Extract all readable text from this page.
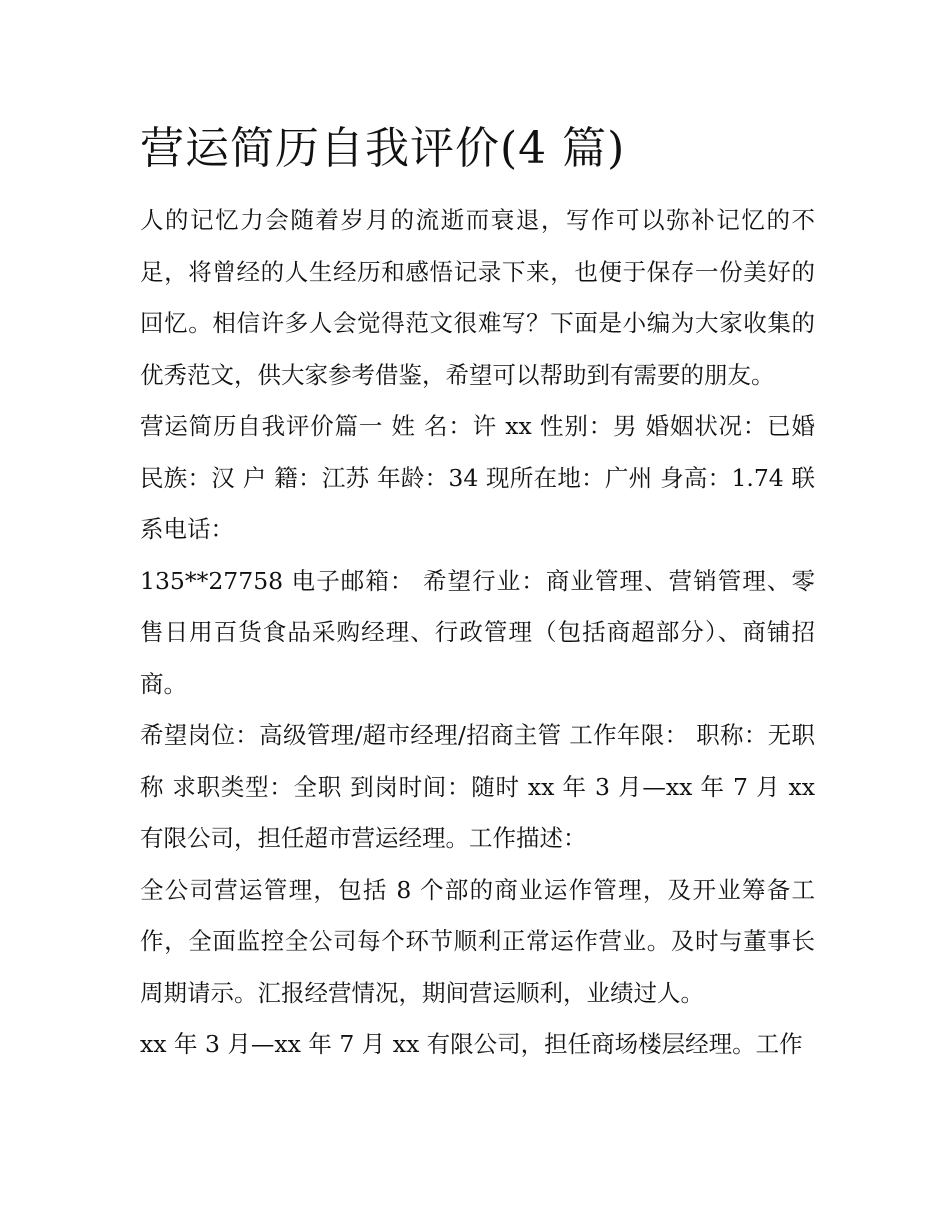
营运简历自我评价(4 篇)

人的记忆力会随着岁月的流逝而衰退，写作可以弥补记忆的不足，将曾经的人生经历和感悟记录下来，也便于保存一份美好的回忆。相信许多人会觉得范文很难写？下面是小编为大家收集的优秀范文，供大家参考借鉴，希望可以帮助到有需要的朋友。

营运简历自我评价篇一 姓 名：许 xx 性别：男 婚姻状况：已婚 民族：汉 户 籍：江苏 年龄：34 现所在地：广州 身高：1.74 联系电话：

135**27758 电子邮箱： 希望行业：商业管理、营销管理、零售日用百货食品采购经理、行政管理（包括商超部分）、商铺招商。

希望岗位：高级管理/超市经理/招商主管 工作年限： 职称：无职称 求职类型：全职 到岗时间：随时 xx 年 3 月—xx 年 7 月 xx 有限公司，担任超市营运经理。工作描述：

全公司营运管理，包括 8 个部的商业运作管理，及开业筹备工作，全面监控全公司每个环节顺利正常运作营业。及时与董事长周期请示。汇报经营情况，期间营运顺利，业绩过人。

xx 年 3 月—xx 年 7 月 xx 有限公司，担任商场楼层经理。工作
